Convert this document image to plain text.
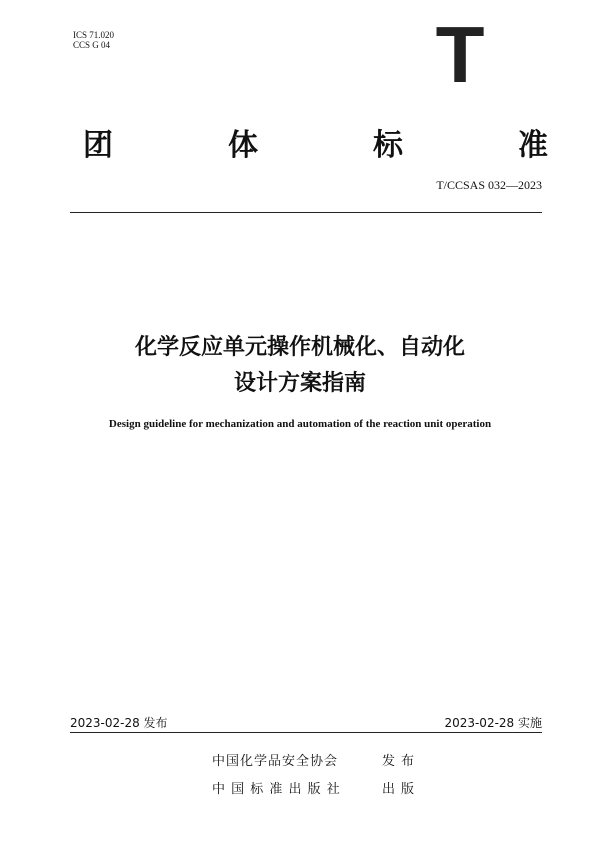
ICS 71.020
CCS G 04	T
团	体	标	准
T/CCSAS 032—2023
化学反应单元操作机械化、自动化
设计方案指南
Design guideline for mechanization and automation of the reaction unit operation
2023-02-28 发布	2023-02-28 实施
中国化学品安全协会	发布
中 国 标 准 出 版 社	出版
